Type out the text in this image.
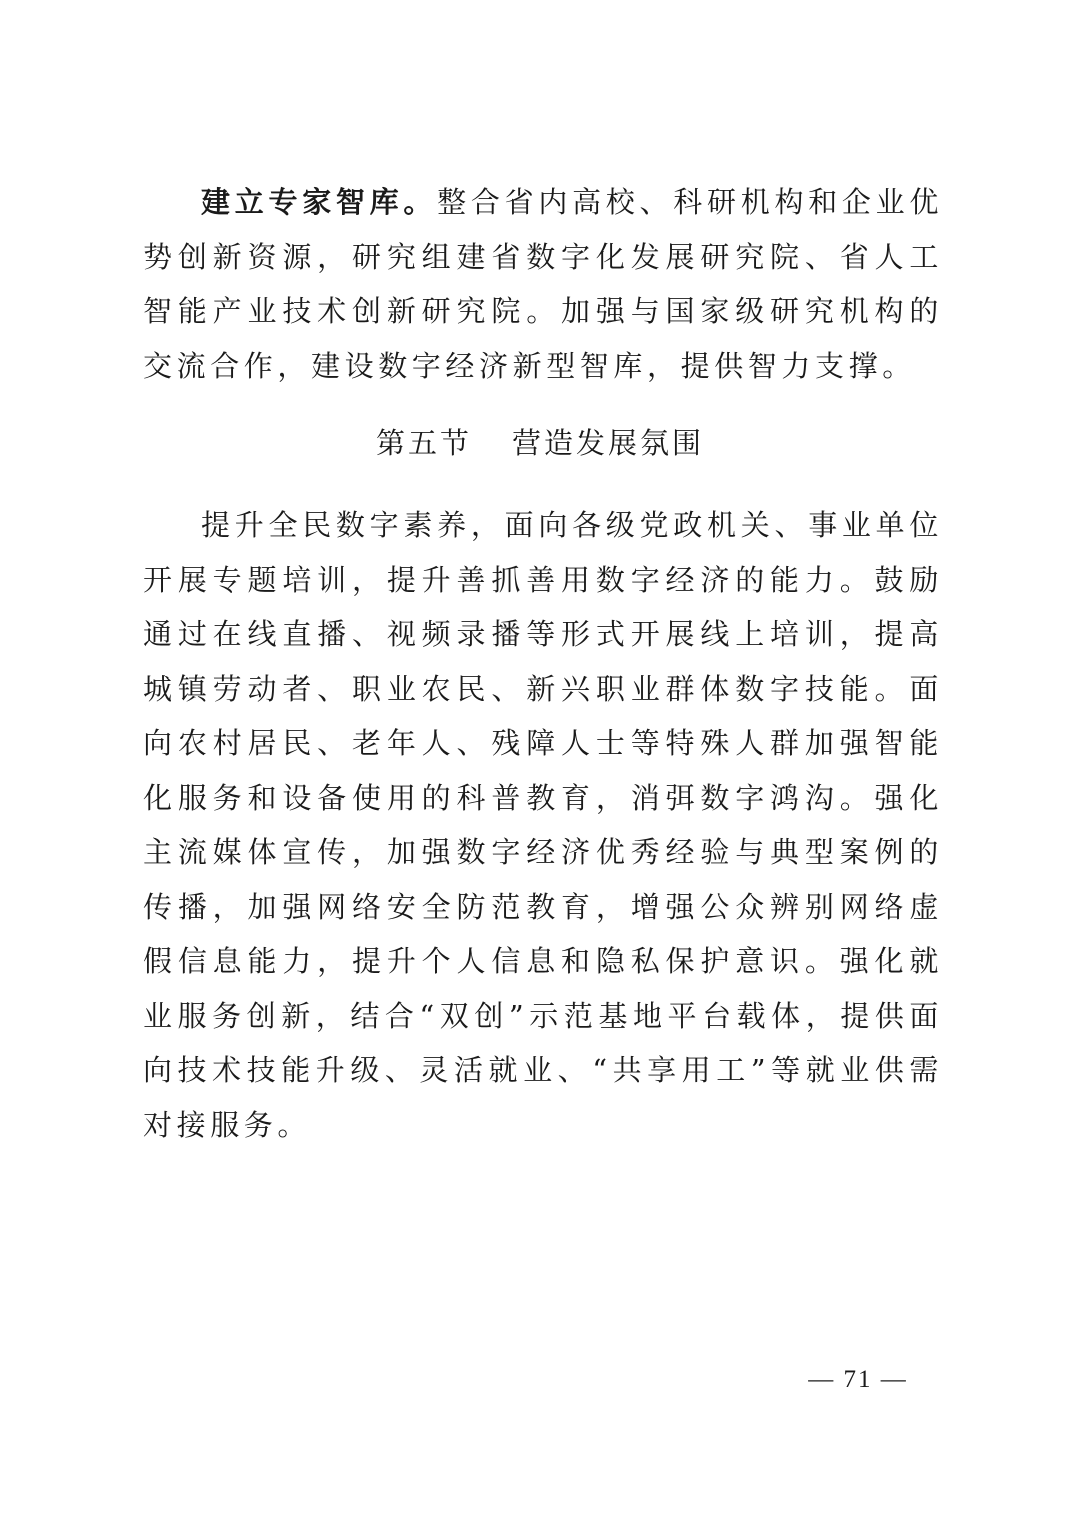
建立专家智库。整合省内高校、科研机构和企业优势创新资源，研究组建省数字化发展研究院、省人工智能产业技术创新研究院。加强与国家级研究机构的交流合作，建设数字经济新型智库，提供智力支撑。

第五节 营造发展氛围

提升全民数字素养，面向各级党政机关、事业单位开展专题培训，提升善抓善用数字经济的能力。鼓励通过在线直播、视频录播等形式开展线上培训，提高城镇劳动者、职业农民、新兴职业群体数字技能。面向农村居民、老年人、残障人士等特殊人群加强智能化服务和设备使用的科普教育，消弭数字鸿沟。强化主流媒体宣传，加强数字经济优秀经验与典型案例的传播，加强网络安全防范教育，增强公众辨别网络虚假信息能力，提升个人信息和隐私保护意识。强化就业服务创新，结合“双创”示范基地平台载体，提供面向技术技能升级、灵活就业、“共享用工”等就业供需对接服务。

— 71 —
